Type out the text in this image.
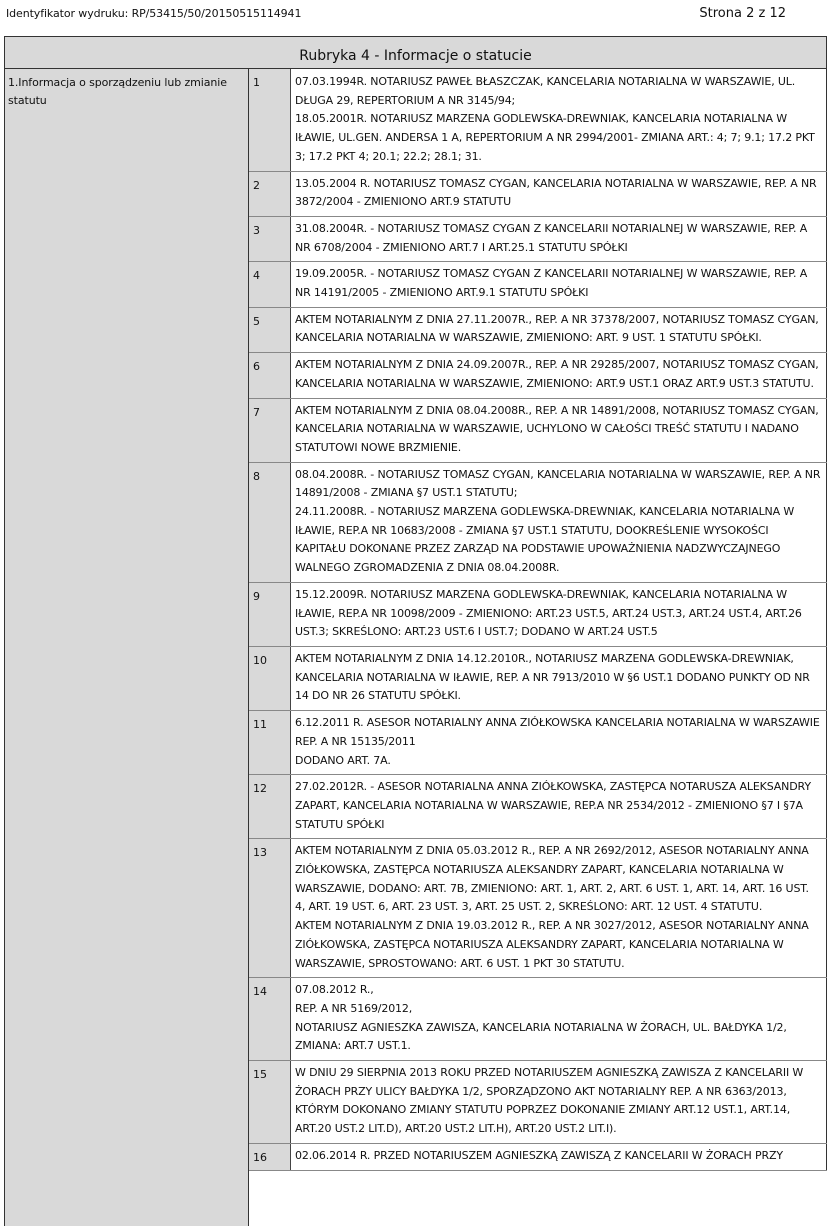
Identyfikator wydruku: RP/53415/50/20150515114941	Strona 2 z 12
Rubryka 4 - Informacje o statucie
1.Informacja o sporządzeniu lub zmianie statutu
1	07.03.1994R. NOTARIUSZ PAWEŁ BŁASZCZAK, KANCELARIA NOTARIALNA W WARSZAWIE, UL. DŁUGA 29, REPERTORIUM A NR 3145/94;
18.05.2001R. NOTARIUSZ MARZENA GODLEWSKA-DREWNIAK, KANCELARIA NOTARIALNA W IŁAWIE, UL.GEN. ANDERSA 1 A, REPERTORIUM A NR 2994/2001- ZMIANA ART.: 4; 7; 9.1; 17.2 PKT 3; 17.2 PKT 4; 20.1; 22.2; 28.1; 31.
2	13.05.2004 R. NOTARIUSZ TOMASZ CYGAN, KANCELARIA NOTARIALNA W WARSZAWIE, REP. A NR 3872/2004 - ZMIENIONO ART.9 STATUTU
3	31.08.2004R. - NOTARIUSZ TOMASZ CYGAN Z KANCELARII NOTARIALNEJ W WARSZAWIE, REP. A NR 6708/2004 - ZMIENIONO ART.7 I ART.25.1 STATUTU SPÓŁKI
4	19.09.2005R. - NOTARIUSZ TOMASZ CYGAN Z KANCELARII NOTARIALNEJ W WARSZAWIE, REP. A NR 14191/2005 - ZMIENIONO ART.9.1 STATUTU SPÓŁKI
5	AKTEM NOTARIALNYM Z DNIA 27.11.2007R., REP. A NR 37378/2007, NOTARIUSZ TOMASZ CYGAN, KANCELARIA NOTARIALNA W WARSZAWIE, ZMIENIONO: ART. 9 UST. 1 STATUTU SPÓŁKI.
6	AKTEM NOTARIALNYM Z DNIA 24.09.2007R., REP. A NR 29285/2007, NOTARIUSZ TOMASZ CYGAN, KANCELARIA NOTARIALNA W WARSZAWIE, ZMIENIONO: ART.9 UST.1 ORAZ ART.9 UST.3 STATUTU.
7	AKTEM NOTARIALNYM Z DNIA 08.04.2008R., REP. A NR 14891/2008, NOTARIUSZ TOMASZ CYGAN, KANCELARIA NOTARIALNA W WARSZAWIE, UCHYLONO W CAŁOŚCI TREŚĆ STATUTU I NADANO STATUTOWI NOWE BRZMIENIE.
8	08.04.2008R. - NOTARIUSZ TOMASZ CYGAN, KANCELARIA NOTARIALNA W WARSZAWIE, REP. A NR 14891/2008 - ZMIANA §7 UST.1 STATUTU;
24.11.2008R. - NOTARIUSZ MARZENA GODLEWSKA-DREWNIAK, KANCELARIA NOTARIALNA W IŁAWIE, REP.A NR 10683/2008 - ZMIANA §7 UST.1 STATUTU, DOOKREŚLENIE WYSOKOŚCI KAPITAŁU DOKONANE PRZEZ ZARZĄD NA PODSTAWIE UPOWAŻNIENIA NADZWYCZAJNEGO WALNEGO ZGROMADZENIA Z DNIA 08.04.2008R.
9	15.12.2009R. NOTARIUSZ MARZENA GODLEWSKA-DREWNIAK, KANCELARIA NOTARIALNA W IŁAWIE, REP.A NR 10098/2009 - ZMIENIONO: ART.23 UST.5, ART.24 UST.3, ART.24 UST.4, ART.26 UST.3; SKREŚLONO: ART.23 UST.6 I UST.7; DODANO W ART.24 UST.5
10	AKTEM NOTARIALNYM Z DNIA 14.12.2010R., NOTARIUSZ MARZENA GODLEWSKA-DREWNIAK, KANCELARIA NOTARIALNA W IŁAWIE, REP. A NR 7913/2010 W §6 UST.1 DODANO PUNKTY OD NR 14 DO NR 26 STATUTU SPÓŁKI.
11	6.12.2011 R. ASESOR NOTARIALNY ANNA ZIÓŁKOWSKA KANCELARIA NOTARIALNA W WARSZAWIE REP. A NR 15135/2011
DODANO ART. 7A.
12	27.02.2012R. - ASESOR NOTARIALNA ANNA ZIÓŁKOWSKA, ZASTĘPCA NOTARUSZA ALEKSANDRY ZAPART, KANCELARIA NOTARIALNA W WARSZAWIE, REP.A NR 2534/2012 - ZMIENIONO §7 I §7A STATUTU SPÓŁKI
13	AKTEM NOTARIALNYM Z DNIA 05.03.2012 R., REP. A NR 2692/2012, ASESOR NOTARIALNY ANNA ZIÓŁKOWSKA, ZASTĘPCA NOTARIUSZA ALEKSANDRY ZAPART, KANCELARIA NOTARIALNA W WARSZAWIE, DODANO: ART. 7B, ZMIENIONO: ART. 1, ART. 2, ART. 6 UST. 1, ART. 14, ART. 16 UST. 4, ART. 19 UST. 6, ART. 23 UST. 3, ART. 25 UST. 2, SKREŚLONO: ART. 12 UST. 4 STATUTU.
AKTEM NOTARIALNYM Z DNIA 19.03.2012 R., REP. A NR 3027/2012, ASESOR NOTARIALNY ANNA ZIÓŁKOWSKA, ZASTĘPCA NOTARIUSZA ALEKSANDRY ZAPART, KANCELARIA NOTARIALNA W WARSZAWIE, SPROSTOWANO: ART. 6 UST. 1 PKT 30 STATUTU.
14	07.08.2012 R.,
REP. A NR 5169/2012,
NOTARIUSZ AGNIESZKA ZAWISZA, KANCELARIA NOTARIALNA W ŻORACH, UL. BAŁDYKA 1/2, ZMIANA: ART.7 UST.1.
15	W DNIU 29 SIERPNIA 2013 ROKU PRZED NOTARIUSZEM AGNIESZKĄ ZAWISZA Z KANCELARII W ŻORACH PRZY ULICY BAŁDYKA 1/2, SPORZĄDZONO AKT NOTARIALNY REP. A NR 6363/2013, KTÓRYM DOKONANO ZMIANY STATUTU POPRZEZ DOKONANIE ZMIANY ART.12 UST.1, ART.14, ART.20 UST.2 LIT.D), ART.20 UST.2 LIT.H), ART.20 UST.2 LIT.I).
16	02.06.2014 R. PRZED NOTARIUSZEM AGNIESZKĄ ZAWISZĄ Z KANCELARII W ŻORACH PRZY
